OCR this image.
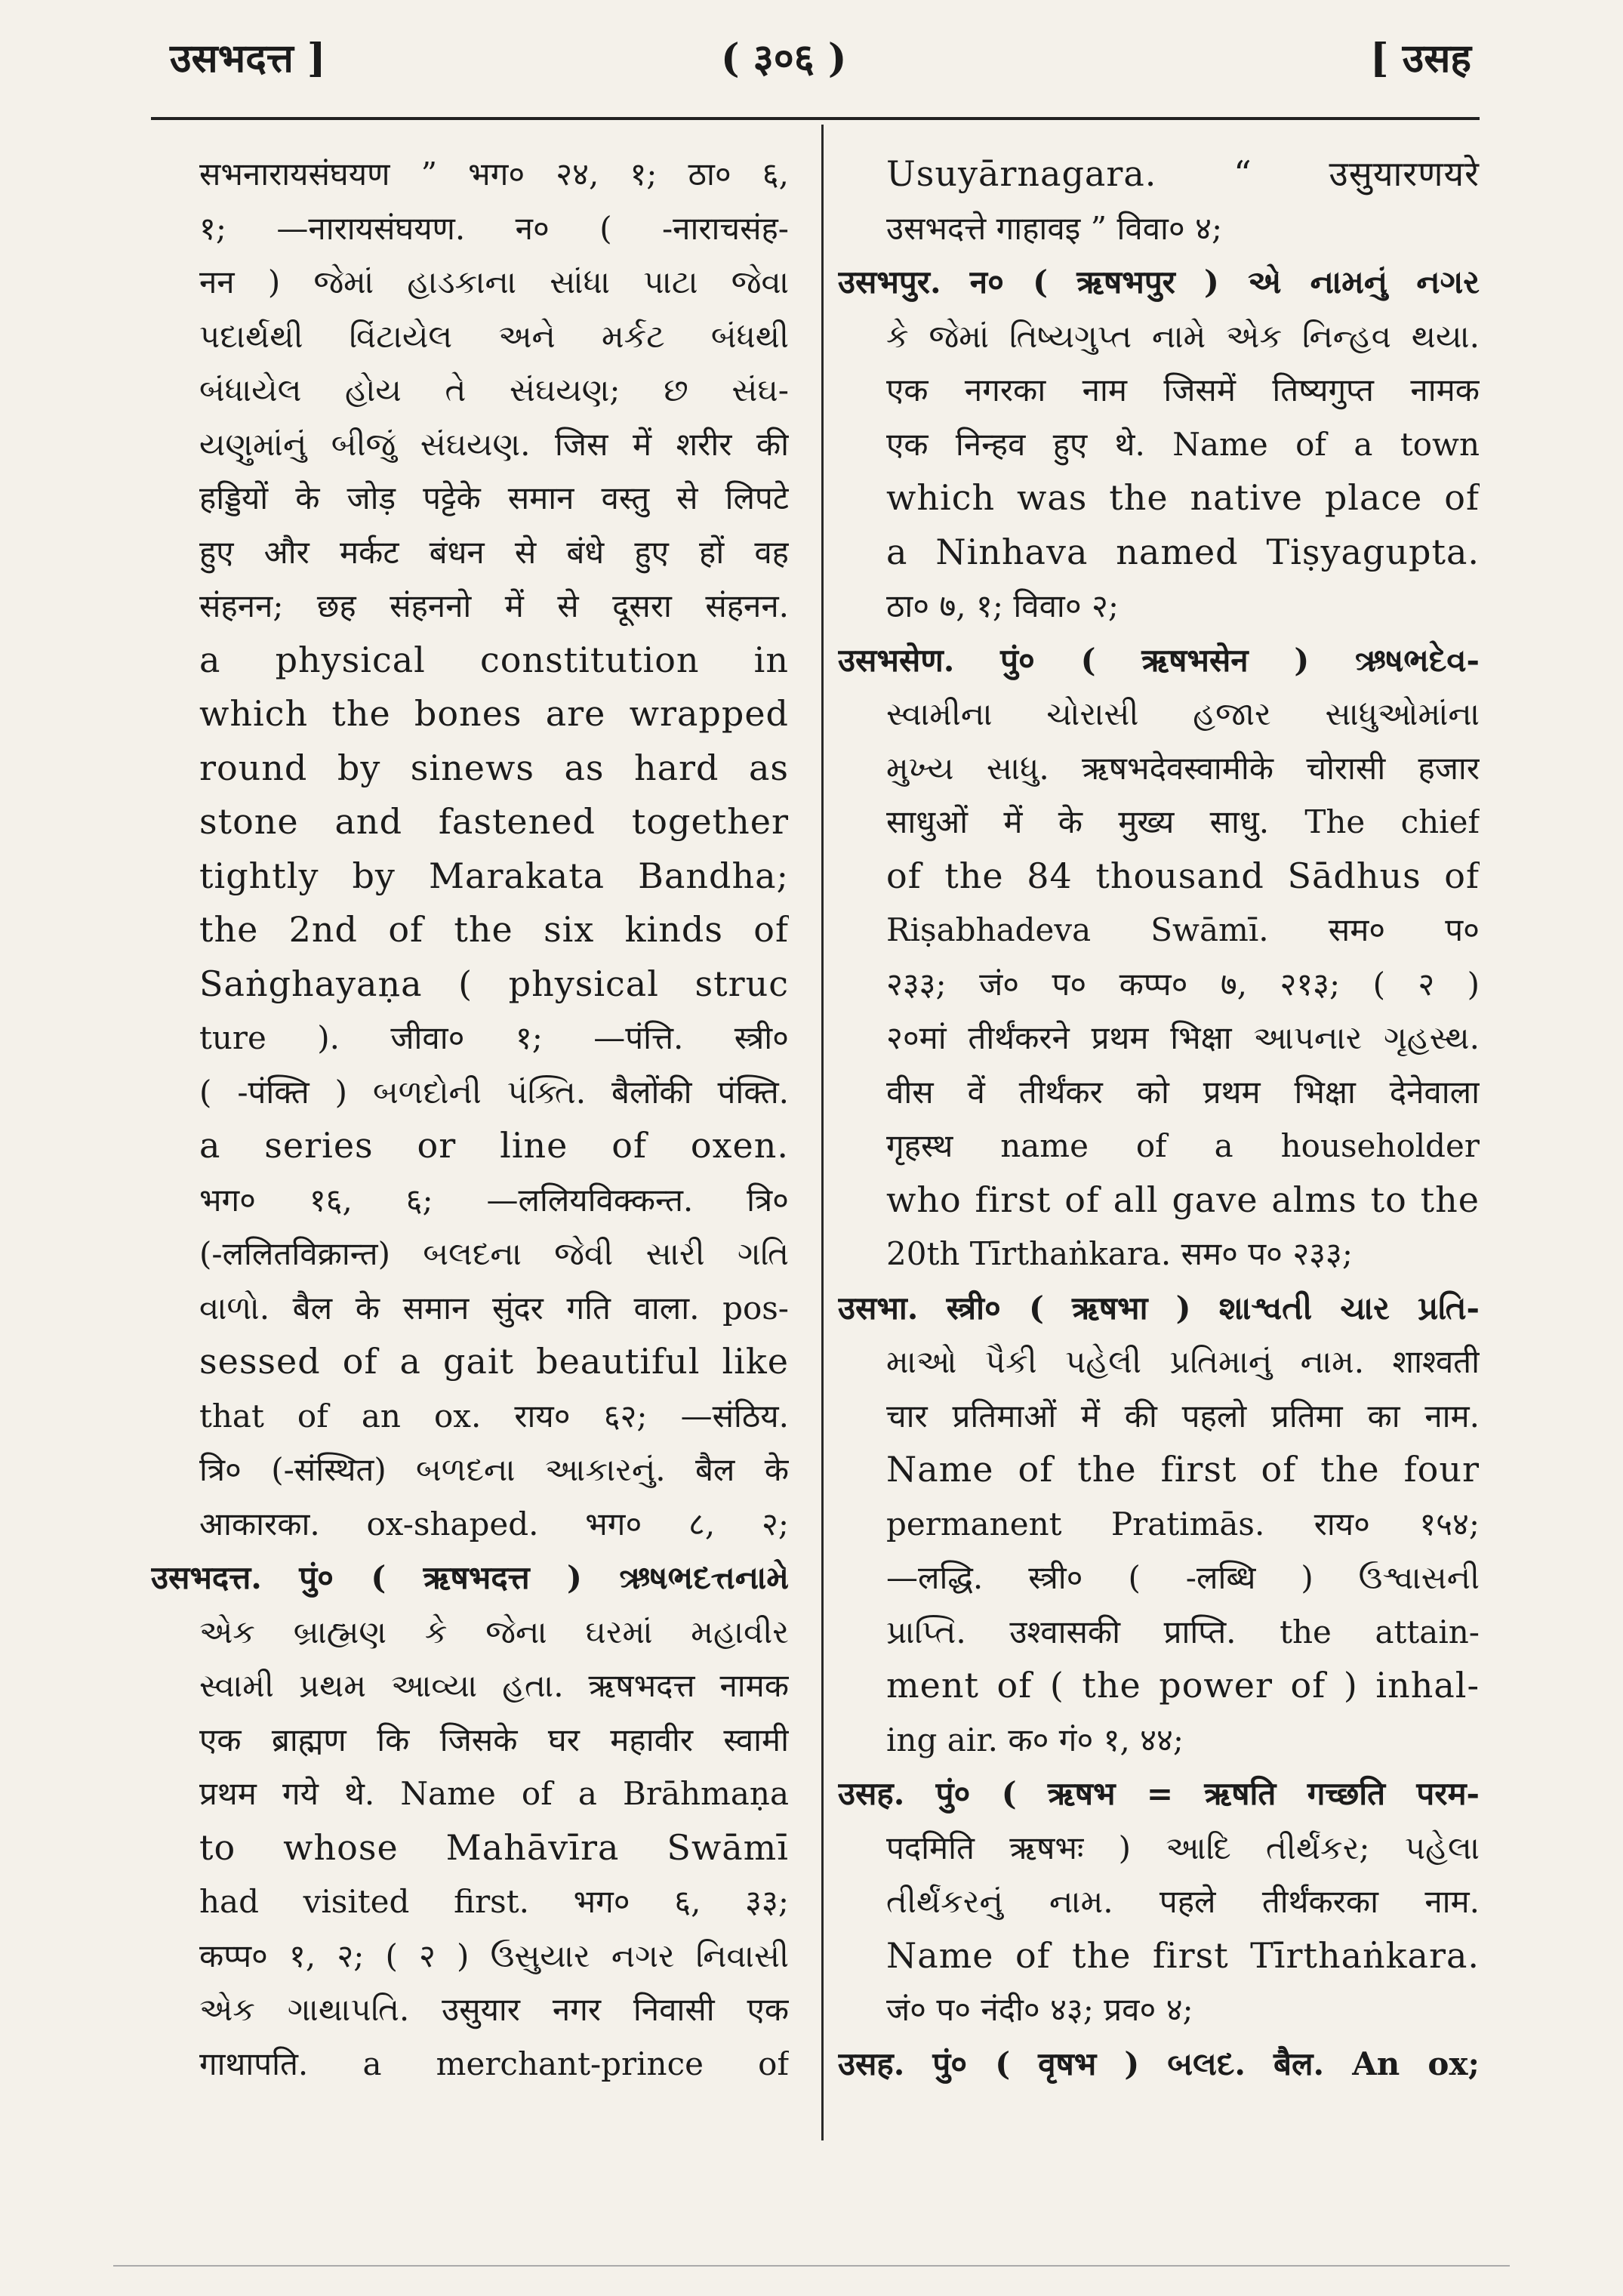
उसभदत्त ]	( ३०६ )	[ उसह
सभनारायसंघयण ” भग० २४, १; ठा० ६,
१; —नारायसंघयण. न० ( -नाराचसंह-
नन ) જેમાં હાડકાના સાંધા પાટા જેવા
પદાર્થથી વિંટાયેલ અને મર્કટ બંધથી
બંધાયેલ હોય તે સંઘયણ; છ સંઘ-
યણુમાંનું બીજું સંઘયણ. जिस में शरीर की
हड्डियों के जोड़ पट्टेके समान वस्तु से लिपटे
हुए और मर्कट बंधन से बंधे हुए हों वह
संहनन; छह संहननो में से दूसरा संहनन.
a physical constitution in
which the bones are wrapped
round by sinews as hard as
stone and fastened together
tightly by Marakata Bandha;
the 2nd of the six kinds of
Saṅghayaṇa ( physical struc
ture ). जीवा० १; —पंत्ति. स्त्री०
( -पंक्ति ) બળદોની પંક્તિ. बैलोंकी पंक्ति.
a series or line of oxen.
भग० १६, ६; —ललियविक्कन्त. त्रि०
(-ललितविक्रान्त) બલદના જેવી સારી ગતિ
વાળો. बैल के समान सुंदर गति वाला. pos-
sessed of a gait beautiful like
that of an ox. राय० ६२; —संठिय.
त्रि० (-संस्थित) બળદના આકારનું. बैल के
आकारका. ox-shaped. भग० ८, २;
उसभदत्त. पुं० ( ऋषभदत्त ) ઋષભદત્તનામે
એક બ્રાહ્મણ કે જેના ઘરમાં મહાવીર
સ્વામી પ્રથમ આવ્યા હતા. ऋषभदत्त नामक
एक ब्राह्मण कि जिसके घर महावीर स्वामी
प्रथम गये थे. Name of a Brāhmaṇa
to whose Mahāvīra Swāmī
had visited first. भग० ६, ३३;
कप्प० १, २; ( २ ) ઉસુયાર નગર નિવાસી
એક ગાથાપતિ. उसुयार नगर निवासी एक
गाथापति. a merchant-prince of
Usuyārnagara. “ उसुयारणयरे
उसभदत्ते गाहावइ ” विवा० ४;
उसभपुर. न० ( ऋषभपुर ) એ નામનું નગર
કે જેમાં તિષ્યગુપ્ત નામે એક નિન્હવ થયા.
एक नगरका नाम जिसमें तिष्यगुप्त नामक
एक निन्हव हुए थे. Name of a town
which was the native place of
a Ninhava named Tiṣyagupta.
ठा० ७, १; विवा० २;
उसभसेण. पुं० ( ऋषभसेन ) ઋષભદેવ-
સ્વામીના ચોરાસી હજાર સાધુઓમાંના
મુખ્ય સાધુ. ऋषभदेवस्वामीके चोरासी हजार
साधुओं में के मुख्य साधु. The chief
of the 84 thousand Sādhus of
Riṣabhadeva Swāmī. सम० प०
२३३; जं० प० कप्प० ७, २१३; ( २ )
२०मां तीर्थंकरने प्रथम भिक्षा આપનાર ગૃહસ્થ.
वीस वें तीर्थंकर को प्रथम भिक्षा देनेवाला
गृहस्थ name of a householder
who first of all gave alms to the
20th Tīrthaṅkara. सम० प० २३३;
उसभा. स्त्री० ( ऋषभा ) શાશ્વતી ચાર પ્રતિ-
માઓ પૈકી પહેલી પ્રતિમાનું નામ. शाश्वती
चार प्रतिमाओं में की पहलो प्रतिमा का नाम.
Name of the first of the four
permanent Pratimās. राय० १५४;
—लद्धि. स्त्री० ( -लब्धि ) ઉશ્વાસની
પ્રાપ્તિ. उश्वासकी प्राप्ति. the attain-
ment of ( the power of ) inhal-
ing air. क० गं० १, ४४;
उसह. पुं० ( ऋषभ = ऋषति गच्छति परम-
पदमिति ऋषभः ) આદિ તીર્થંકર; પહેલા
તીર્થંકરનું નામ. पहले तीर्थंकरका नाम.
Name of the first Tīrthaṅkara.
जं० प० नंदी० ४३; प्रव० ४;
उसह. पुं० ( वृषभ ) બલદ. बैल. An ox;
